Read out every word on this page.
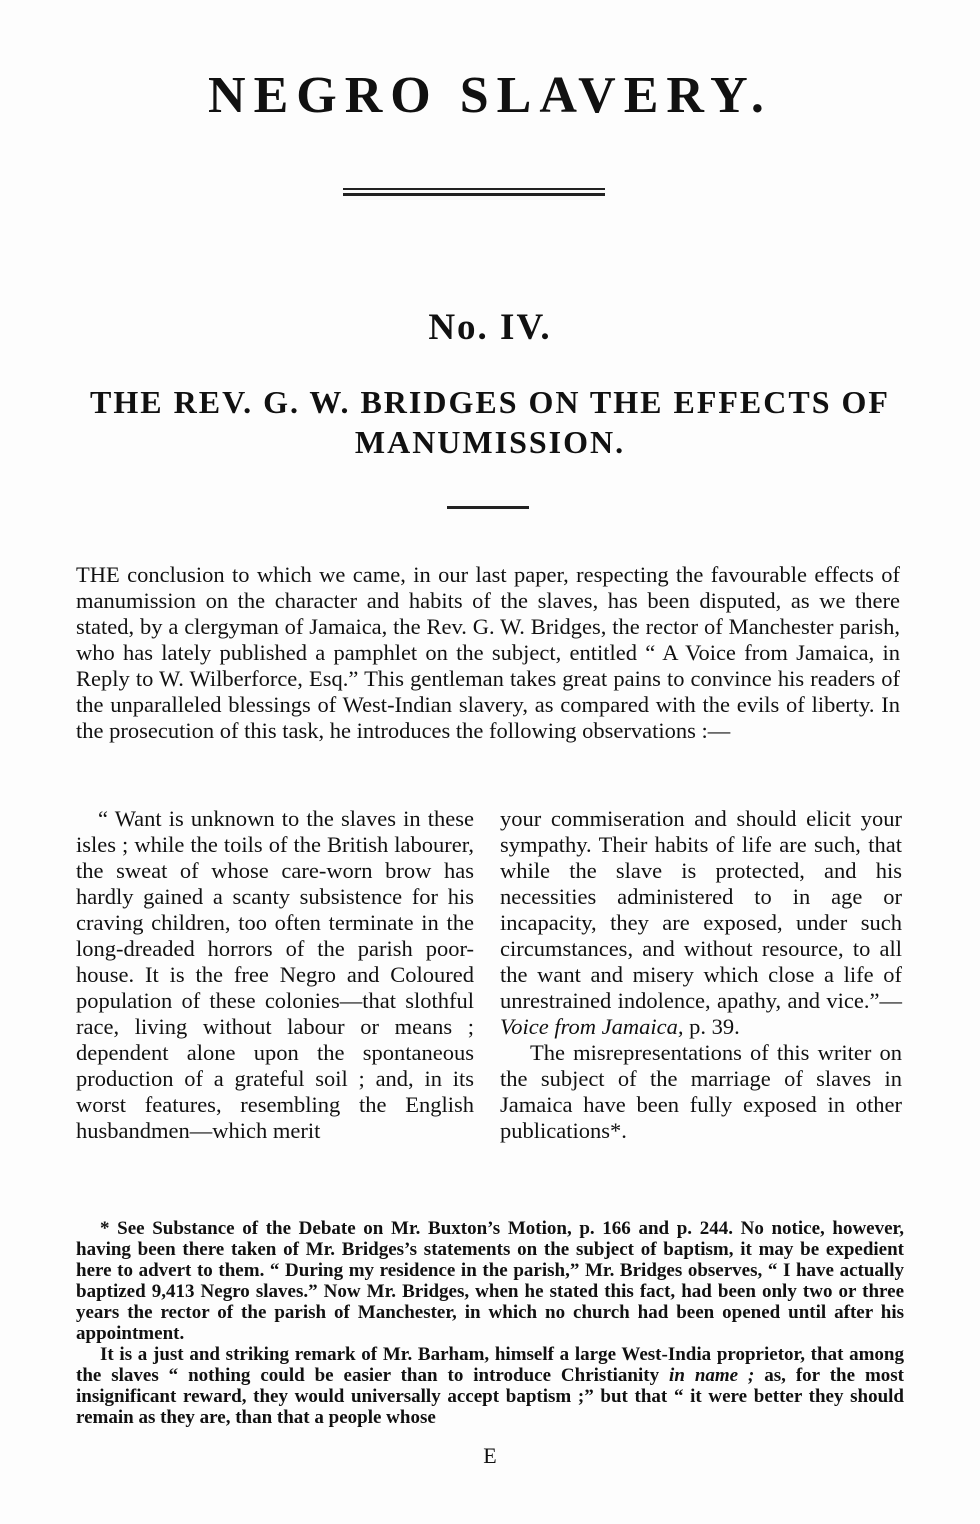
NEGRO SLAVERY.
No. IV.
THE REV. G. W. BRIDGES ON THE EFFECTS OF MANUMISSION.

THE conclusion to which we came, in our last paper, respecting the favourable effects of manumission on the character and habits of the slaves, has been disputed, as we there stated, by a clergyman of Jamaica, the Rev. G. W. Bridges, the rector of Manchester parish, who has lately published a pamphlet on the subject, entitled “ A Voice from Jamaica, in Reply to W. Wilberforce, Esq.” This gentleman takes great pains to convince his readers of the unparalleled blessings of West-Indian slavery, as compared with the evils of liberty. In the prosecution of this task, he introduces the following observations :—

“ Want is unknown to the slaves in these isles ; while the toils of the British labourer, the sweat of whose care-worn brow has hardly gained a scanty subsistence for his craving children, too often terminate in the long-dreaded horrors of the parish poor-house. It is the free Negro and Coloured population of these colonies—that slothful race, living without labour or means ; dependent alone upon the spontaneous production of a grateful soil ; and, in its worst features, resembling the English husbandmen—which merit

your commiseration and should elicit your sympathy. Their habits of life are such, that while the slave is protected, and his necessities administered to in age or incapacity, they are exposed, under such circumstances, and without resource, to all the want and misery which close a life of unrestrained indolence, apathy, and vice.”—Voice from Jamaica, p. 39.

The misrepresentations of this writer on the subject of the marriage of slaves in Jamaica have been fully exposed in other publications*.

* See Substance of the Debate on Mr. Buxton’s Motion, p. 166 and p. 244. No notice, however, having been there taken of Mr. Bridges’s statements on the subject of baptism, it may be expedient here to advert to them. “ During my residence in the parish,” Mr. Bridges observes, “ I have actually baptized 9,413 Negro slaves.” Now Mr. Bridges, when he stated this fact, had been only two or three years the rector of the parish of Manchester, in which no church had been opened until after his appointment.

It is a just and striking remark of Mr. Barham, himself a large West-India proprietor, that among the slaves “ nothing could be easier than to introduce Christianity in name ; as, for the most insignificant reward, they would universally accept baptism ;” but that “ it were better they should remain as they are, than that a people whose

E
